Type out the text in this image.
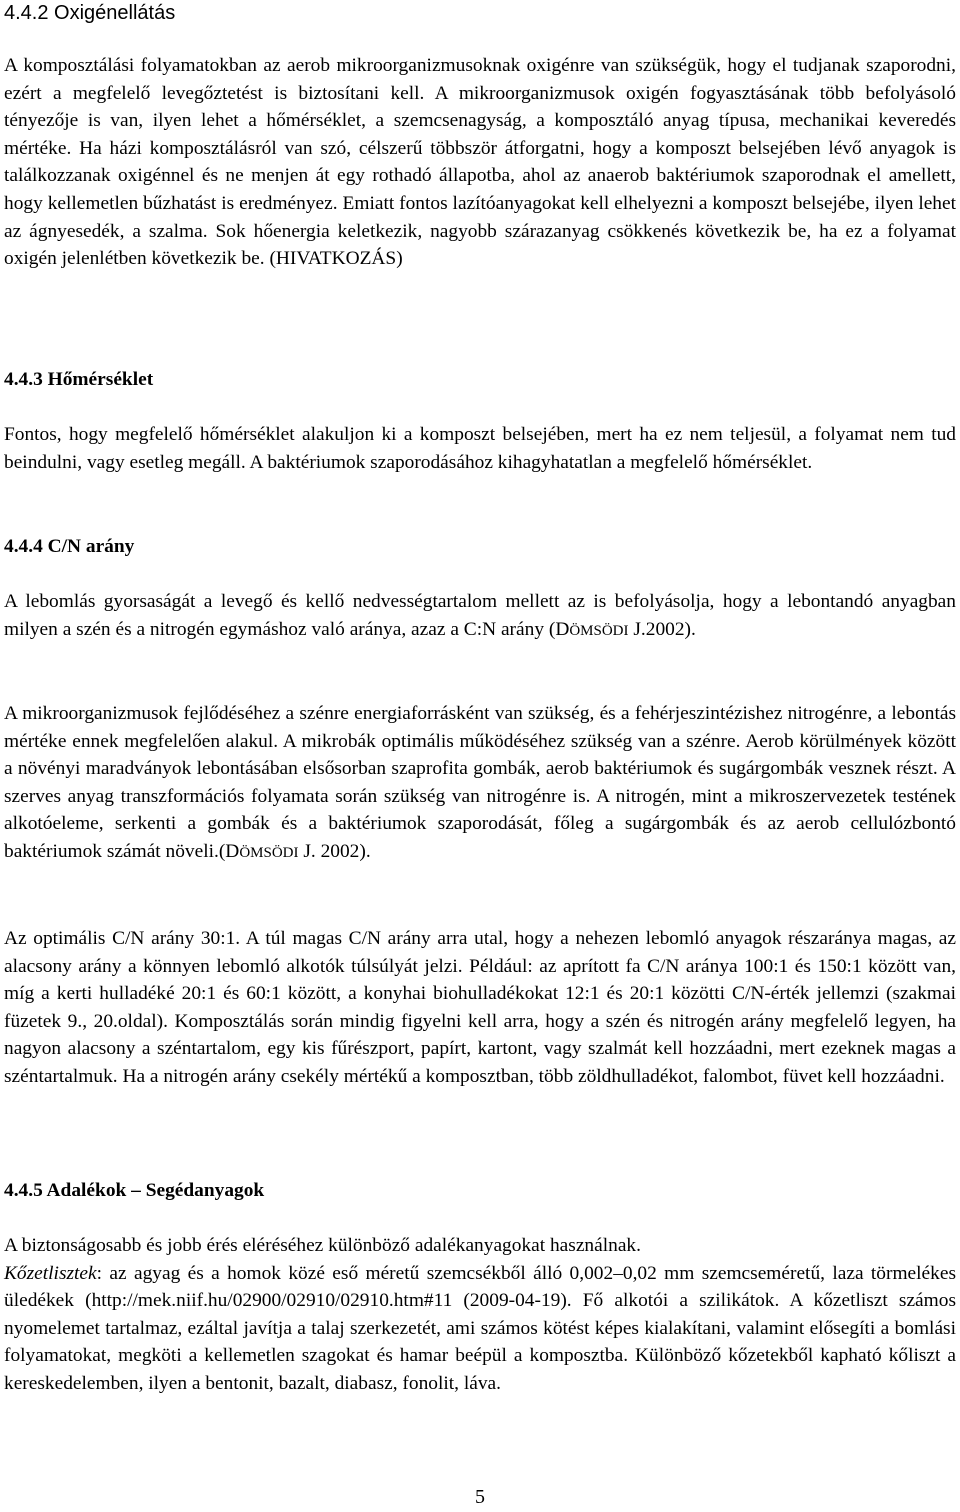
4.4.2 Oxigénellátás

A komposztálási folyamatokban az aerob mikroorganizmusoknak oxigénre van szükségük, hogy el tudjanak szaporodni, ezért a megfelelő levegőztetést is biztosítani kell. A mikroorganizmusok oxigén fogyasztásának több befolyásoló tényezője is van, ilyen lehet a hőmérséklet, a szemcsenagyság, a komposztáló anyag típusa, mechanikai keveredés mértéke. Ha házi komposztálásról van szó, célszerű többször átforgatni, hogy a komposzt belsejében lévő anyagok is találkozzanak oxigénnel és ne menjen át egy rothadó állapotba, ahol az anaerob baktériumok szaporodnak el amellett, hogy kellemetlen bűzhatást is eredményez. Emiatt fontos lazítóanyagokat kell elhelyezni a komposzt belsejébe, ilyen lehet az ágnyesedék, a szalma. Sok hőenergia keletkezik, nagyobb szárazanyag csökkenés következik be, ha ez a folyamat oxigén jelenlétben következik be. (HIVATKOZÁS)

4.4.3 Hőmérséklet

Fontos, hogy megfelelő hőmérséklet alakuljon ki a komposzt belsejében, mert ha ez nem teljesül, a folyamat nem tud beindulni, vagy esetleg megáll. A baktériumok szaporodásához kihagyhatatlan a megfelelő hőmérséklet.

4.4.4 C/N arány

A lebomlás gyorsaságát a levegő és kellő nedvességtartalom mellett az is befolyásolja, hogy a lebontandó anyagban milyen a szén és a nitrogén egymáshoz való aránya, azaz a C:N arány (DÖMSÖDI J.2002).

A mikroorganizmusok fejlődéséhez a szénre energiaforrásként van szükség, és a fehérjeszintézishez nitrogénre, a lebontás mértéke ennek megfelelően alakul. A mikrobák optimális működéséhez szükség van a szénre. Aerob körülmények között a növényi maradványok lebontásában elsősorban szaprofita gombák, aerob baktériumok és sugárgombák vesznek részt. A szerves anyag transzformációs folyamata során szükség van nitrogénre is. A nitrogén, mint a mikroszervezetek testének alkotóeleme, serkenti a gombák és a baktériumok szaporodását, főleg a sugárgombák és az aerob cellulózbontó baktériumok számát növeli.(DÖMSÖDI J. 2002).

Az optimális C/N arány 30:1. A túl magas C/N arány arra utal, hogy a nehezen lebomló anyagok részaránya magas, az alacsony arány a könnyen lebomló alkotók túlsúlyát jelzi. Például: az aprított fa C/N aránya 100:1 és 150:1 között van, míg a kerti hulladéké 20:1 és 60:1 között, a konyhai biohulladékokat 12:1 és 20:1 közötti C/N-érték jellemzi (szakmai füzetek 9., 20.oldal). Komposztálás során mindig figyelni kell arra, hogy a szén és nitrogén arány megfelelő legyen, ha nagyon alacsony a széntartalom, egy kis fűrészport, papírt, kartont, vagy szalmát kell hozzáadni, mert ezeknek magas a széntartalmuk. Ha a nitrogén arány csekély mértékű a komposztban, több zöldhulladékot, falombot, füvet kell hozzáadni.

4.4.5 Adalékok – Segédanyagok

A biztonságosabb és jobb érés eléréséhez különböző adalékanyagokat használnak.

Kőzetlisztek: az agyag és a homok közé eső méretű szemcsékből álló 0,002–0,02 mm szemcseméretű, laza törmelékes üledékek (http://mek.niif.hu/02900/02910/02910.htm#11 (2009-04-19). Fő alkotói a szilikátok. A kőzetliszt számos nyomelemet tartalmaz, ezáltal javítja a talaj szerkezetét, ami számos kötést képes kialakítani, valamint elősegíti a bomlási folyamatokat, megköti a kellemetlen szagokat és hamar beépül a komposztba. Különböző kőzetekből kapható kőliszt a kereskedelemben, ilyen a bentonit, bazalt, diabasz, fonolit, láva.

5
